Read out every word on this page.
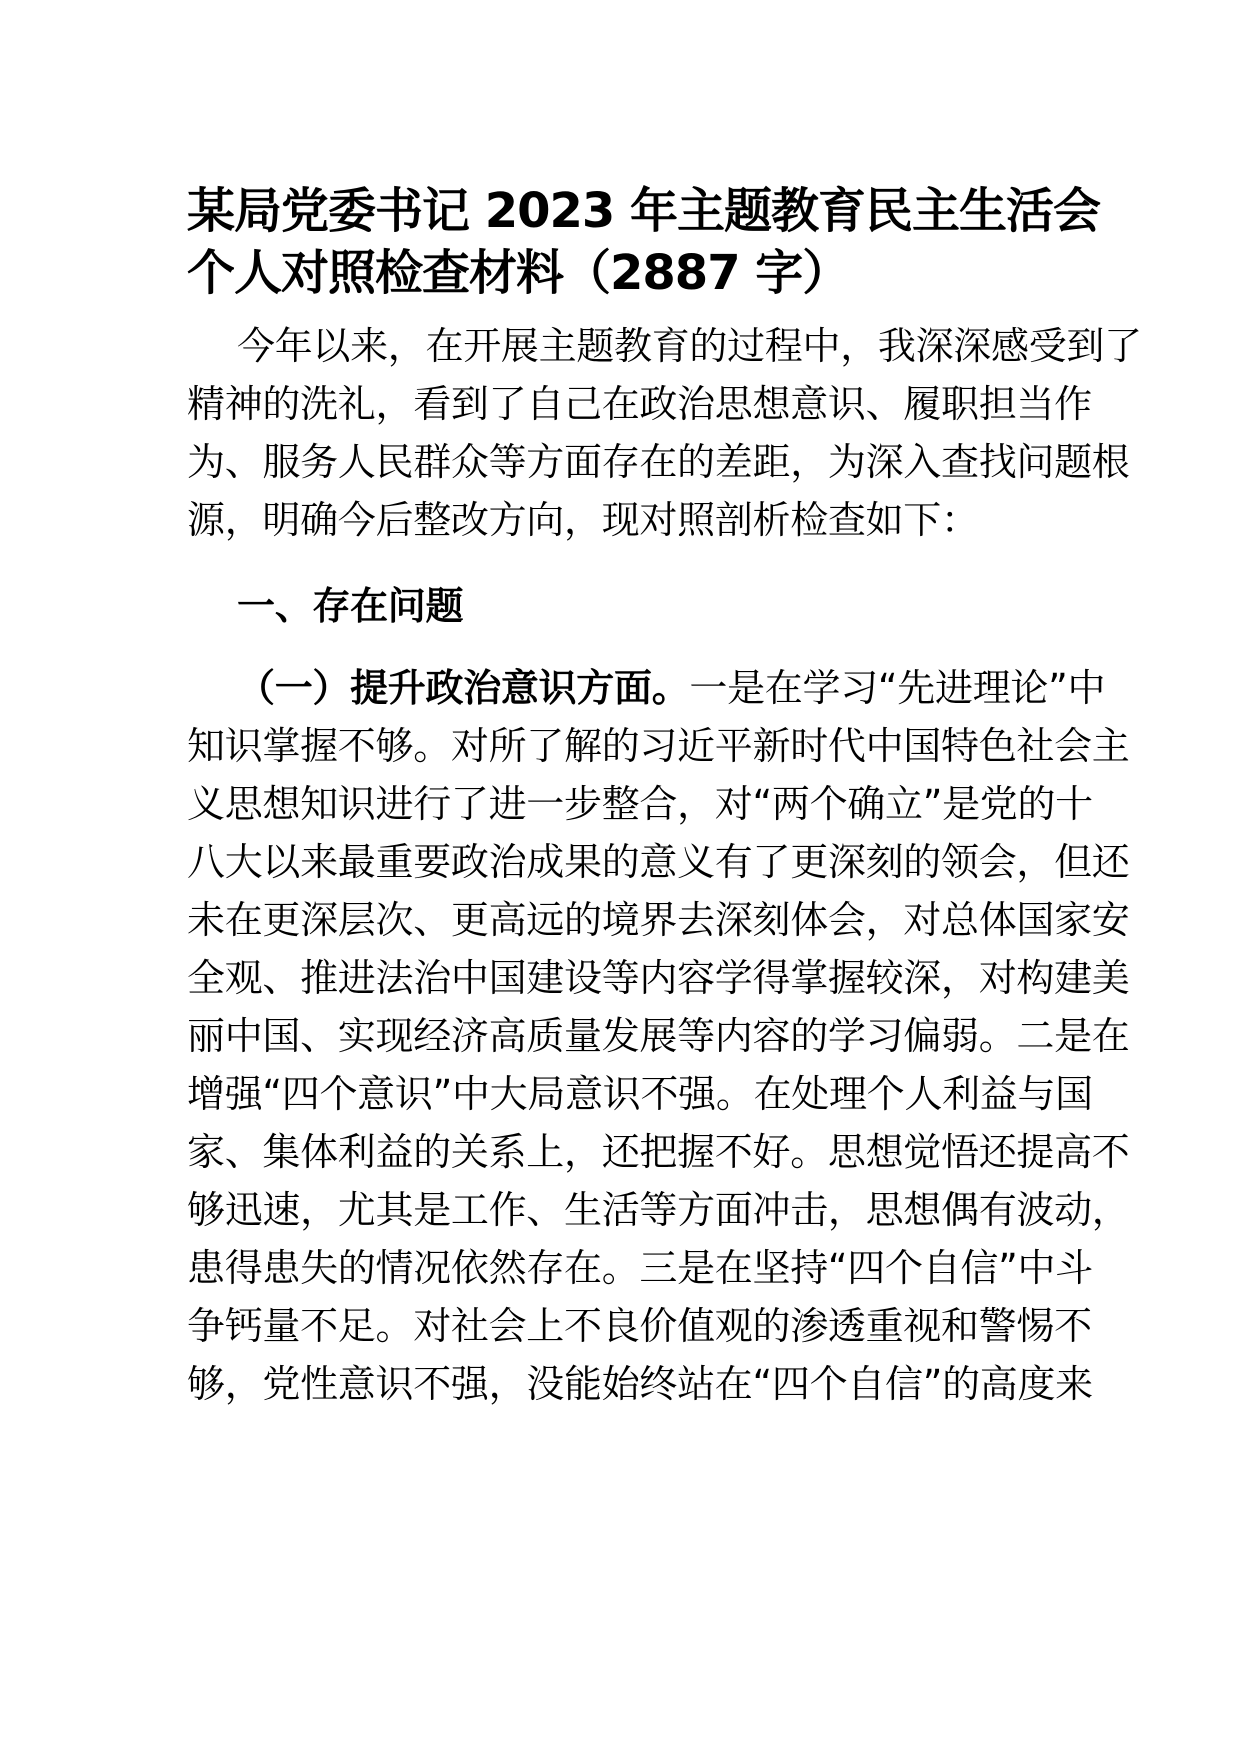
某局党委书记 2023 年主题教育民主生活会
个人对照检查材料（2887 字）
今年以来，在开展主题教育的过程中，我深深感受到了
精神的洗礼，看到了自己在政治思想意识、履职担当作
为、服务人民群众等方面存在的差距，为深入查找问题根
源，明确今后整改方向，现对照剖析检查如下：
一、存在问题
（一）提升政治意识方面。一是在学习“先进理论”中
知识掌握不够。对所了解的习近平新时代中国特色社会主
义思想知识进行了进一步整合，对“两个确立”是党的十
八大以来最重要政治成果的意义有了更深刻的领会，但还
未在更深层次、更高远的境界去深刻体会，对总体国家安
全观、推进法治中国建设等内容学得掌握较深，对构建美
丽中国、实现经济高质量发展等内容的学习偏弱。二是在
增强“四个意识”中大局意识不强。在处理个人利益与国
家、集体利益的关系上，还把握不好。思想觉悟还提高不
够迅速，尤其是工作、生活等方面冲击，思想偶有波动，
患得患失的情况依然存在。三是在坚持“四个自信”中斗
争钙量不足。对社会上不良价值观的渗透重视和警惕不
够，党性意识不强，没能始终站在“四个自信”的高度来
